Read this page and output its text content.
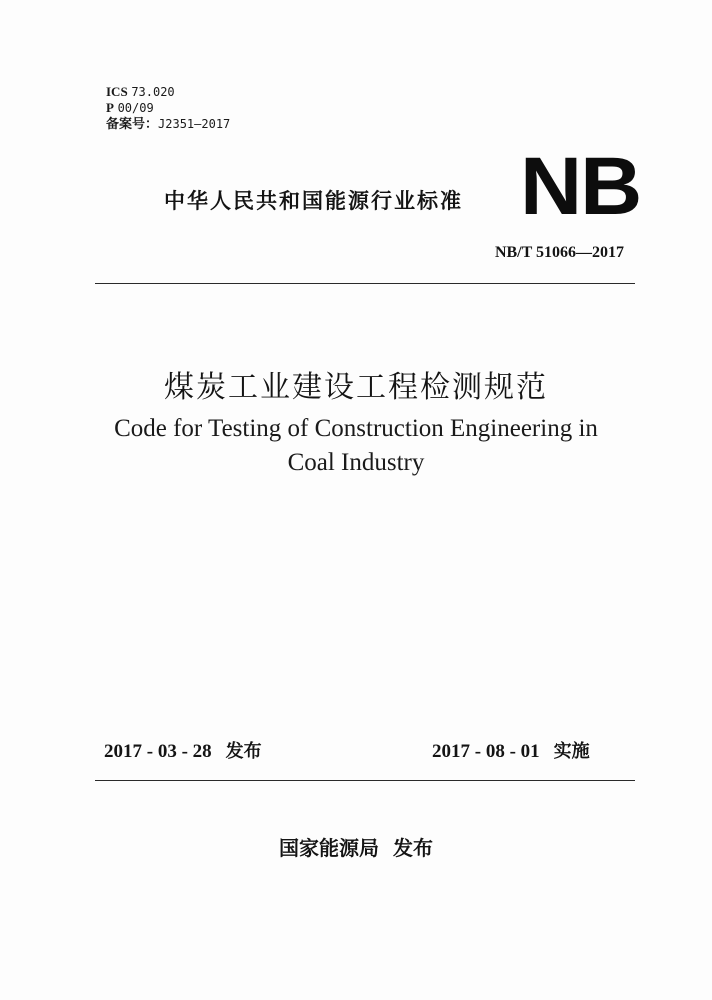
ICS 73.020
P 00/09
备案号：J2351—2017
中华人民共和国能源行业标准 NB
NB/T 51066—2017
煤炭工业建设工程检测规范
Code for Testing of Construction Engineering in
Coal Industry
2017 - 03 - 28 发布	2017 - 08 - 01 实施
国家能源局  发布
